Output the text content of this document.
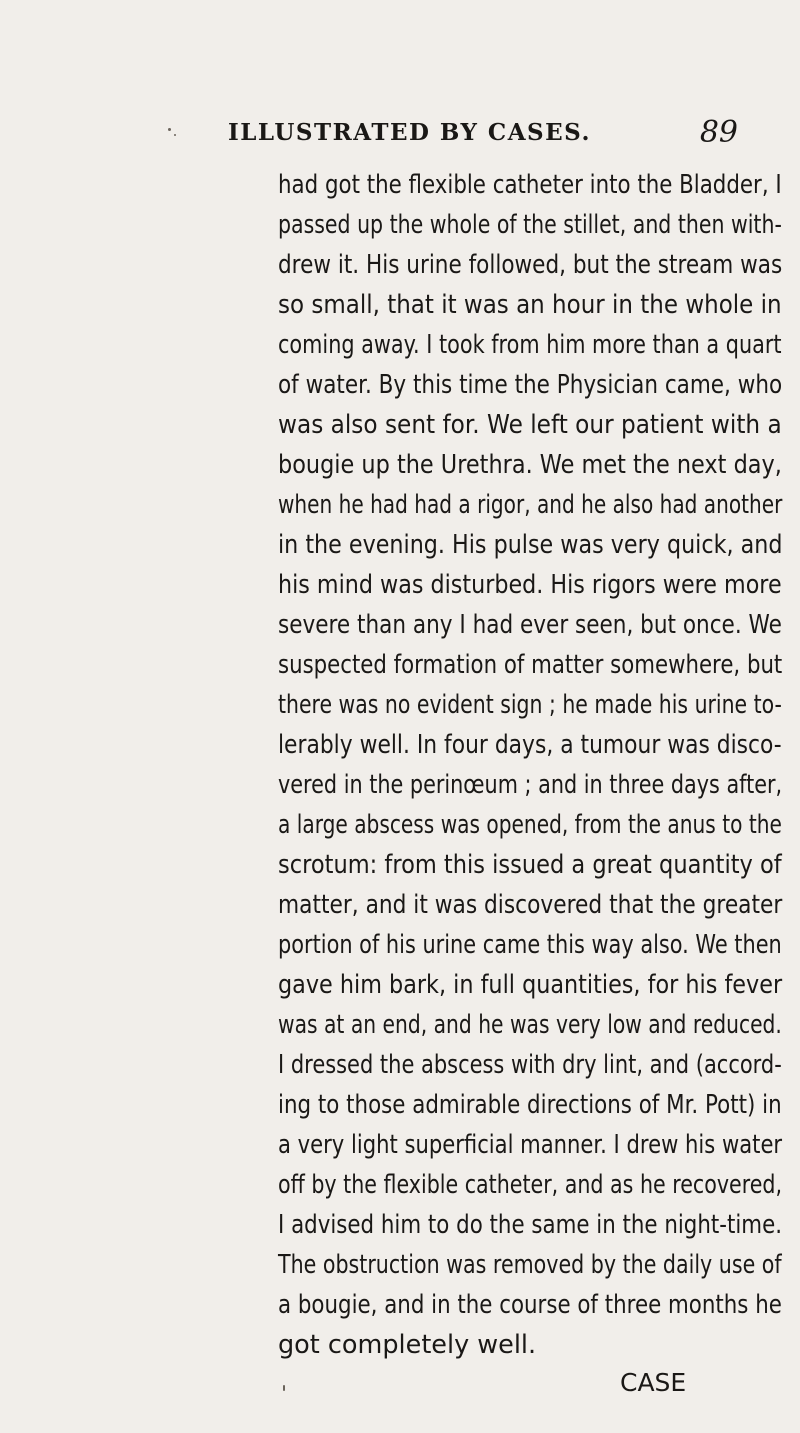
ILLUSTRATED BY CASES.	89
had got the flexible catheter into the Bladder, I
passed up the whole of the stillet, and then with-
drew it. His urine followed, but the stream was
so small, that it was an hour in the whole in
coming away. I took from him more than a quart
of water. By this time the Physician came, who
was also sent for. We left our patient with a
bougie up the Urethra. We met the next day,
when he had had a rigor, and he also had another
in the evening. His pulse was very quick, and
his mind was disturbed. His rigors were more
severe than any I had ever seen, but once. We
suspected formation of matter somewhere, but
there was no evident sign ; he made his urine to-
lerably well. In four days, a tumour was disco-
vered in the perinœum ; and in three days after,
a large abscess was opened, from the anus to the
scrotum: from this issued a great quantity of
matter, and it was discovered that the greater
portion of his urine came this way also. We then
gave him bark, in full quantities, for his fever
was at an end, and he was very low and reduced.
I dressed the abscess with dry lint, and (accord-
ing to those admirable directions of Mr. Pott) in
a very light superficial manner. I drew his water
off by the flexible catheter, and as he recovered,
I advised him to do the same in the night-time.
The obstruction was removed by the daily use of
a bougie, and in the course of three months he
got completely well.
CASE
